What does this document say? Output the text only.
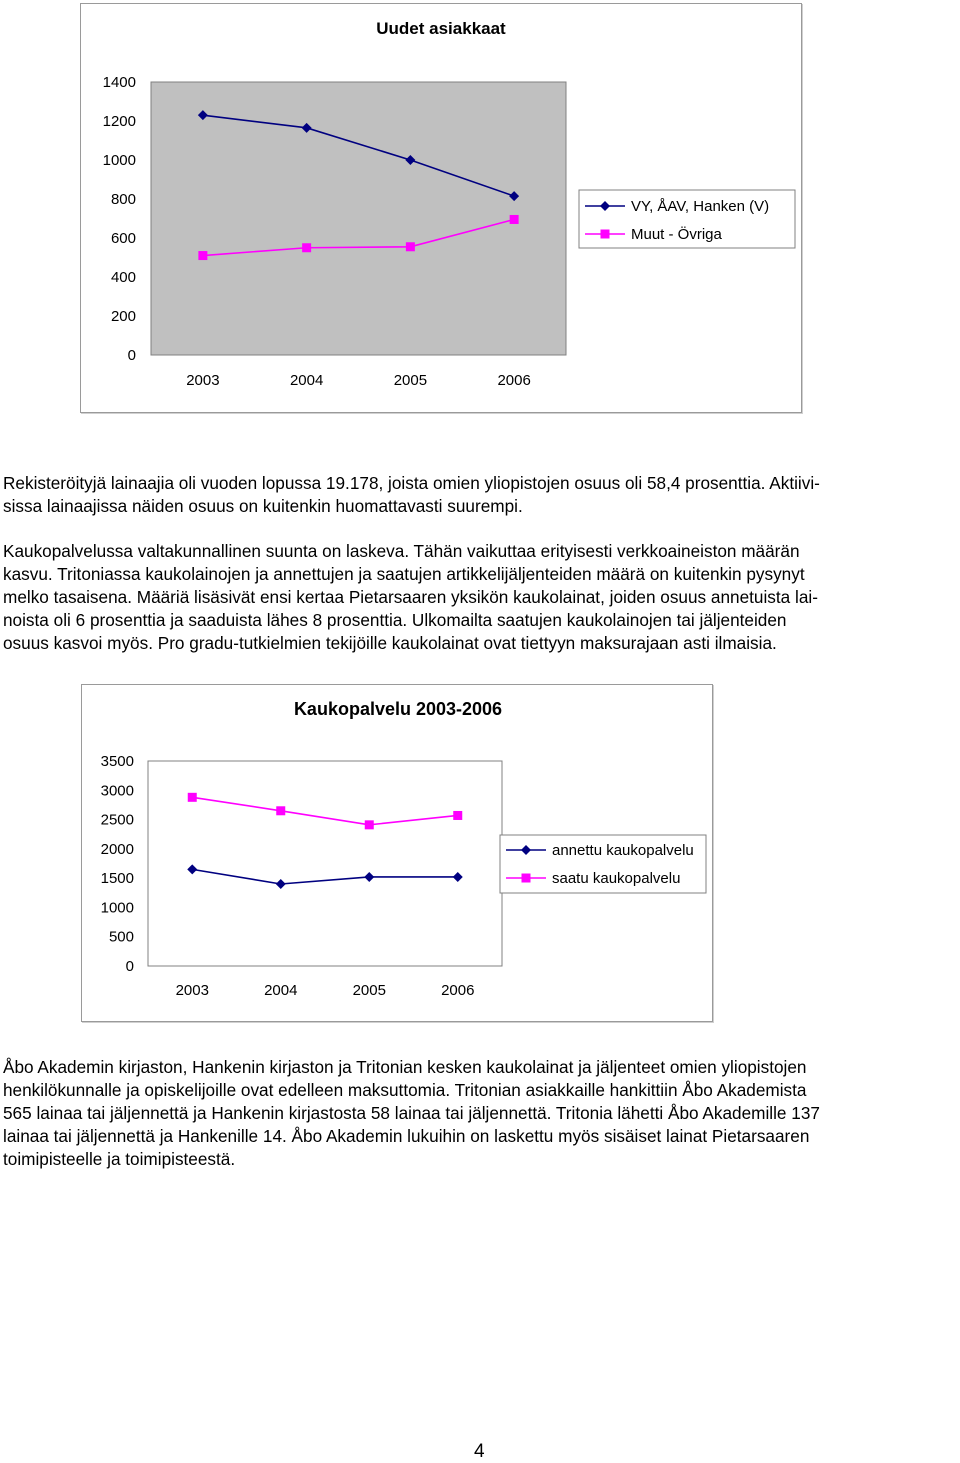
Uudet asiakkaat
0
200
400
600
800
1000
1200
1400
2003	2004	2005	2006
VY, ÅAV, Hanken (V)
Muut - Övriga
Rekisteröityjä lainaajia oli vuoden lopussa 19.178, joista omien yliopistojen osuus oli 58,4 prosenttia. Aktiivi-
sissa lainaajissa näiden osuus on kuitenkin huomattavasti suurempi.
Kaukopalvelussa valtakunnallinen suunta on laskeva. Tähän vaikuttaa erityisesti verkkoaineiston määrän
kasvu. Tritoniassa kaukolainojen ja annettujen ja saatujen artikkelijäljenteiden määrä on kuitenkin pysynyt
melko tasaisena. Määriä lisäsivät ensi kertaa Pietarsaaren yksikön kaukolainat, joiden osuus annetuista lai-
noista oli 6 prosenttia ja saaduista lähes 8 prosenttia. Ulkomailta saatujen kaukolainojen tai jäljenteiden
osuus kasvoi myös. Pro gradu-tutkielmien tekijöille kaukolainat ovat tiettyyn maksurajaan asti ilmaisia.
Kaukopalvelu 2003-2006
0
500
1000
1500
2000
2500
3000
3500
2003	2004	2005	2006
annettu kaukopalvelu
saatu kaukopalvelu
Åbo Akademin kirjaston, Hankenin kirjaston ja Tritonian kesken kaukolainat ja jäljenteet omien yliopistojen
henkilökunnalle ja opiskelijoille ovat edelleen maksuttomia. Tritonian asiakkaille hankittiin Åbo Akademista
565 lainaa tai jäljennettä ja Hankenin kirjastosta 58 lainaa tai jäljennettä. Tritonia lähetti Åbo Akademille 137
lainaa tai jäljennettä ja Hankenille 14. Åbo Akademin lukuihin on laskettu myös sisäiset lainat Pietarsaaren
toimipisteelle ja toimipisteestä.
4
